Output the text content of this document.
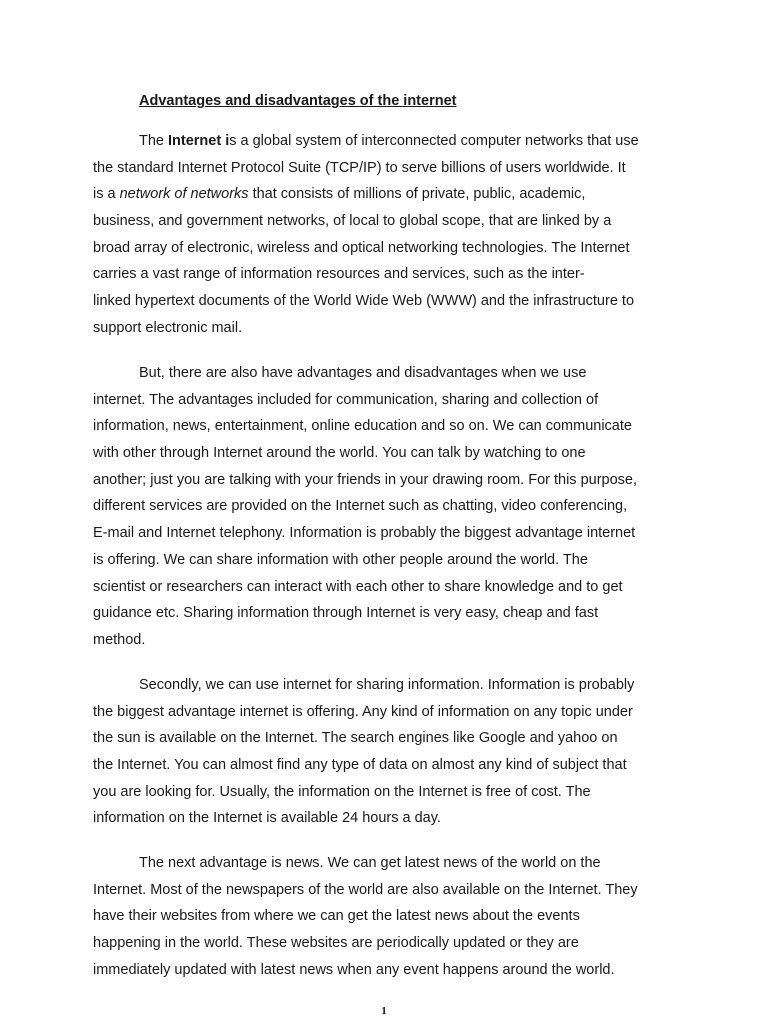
Advantages and disadvantages of the internet

The Internet is a global system of interconnected computer networks that use
the standard Internet Protocol Suite (TCP/IP) to serve billions of users worldwide. It
is a network of networks that consists of millions of private, public, academic,
business, and government networks, of local to global scope, that are linked by a
broad array of electronic, wireless and optical networking technologies. The Internet
carries a vast range of information resources and services, such as the inter-
linked hypertext documents of the World Wide Web (WWW) and the infrastructure to
support electronic mail.
But, there are also have advantages and disadvantages when we use
internet. The advantages included for communication, sharing and collection of
information, news, entertainment, online education and so on. We can communicate
with other through Internet around the world. You can talk by watching to one
another; just you are talking with your friends in your drawing room. For this purpose,
different services are provided on the Internet such as chatting, video conferencing,
E-mail and Internet telephony. Information is probably the biggest advantage internet
is offering. We can share information with other people around the world. The
scientist or researchers can interact with each other to share knowledge and to get
guidance etc. Sharing information through Internet is very easy, cheap and fast
method.
Secondly, we can use internet for sharing information. Information is probably
the biggest advantage internet is offering. Any kind of information on any topic under
the sun is available on the Internet. The search engines like Google and yahoo on
the Internet. You can almost find any type of data on almost any kind of subject that
you are looking for. Usually, the information on the Internet is free of cost. The
information on the Internet is available 24 hours a day.
The next advantage is news. We can get latest news of the world on the
Internet. Most of the newspapers of the world are also available on the Internet. They
have their websites from where we can get the latest news about the events
happening in the world. These websites are periodically updated or they are
immediately updated with latest news when any event happens around the world.
1
